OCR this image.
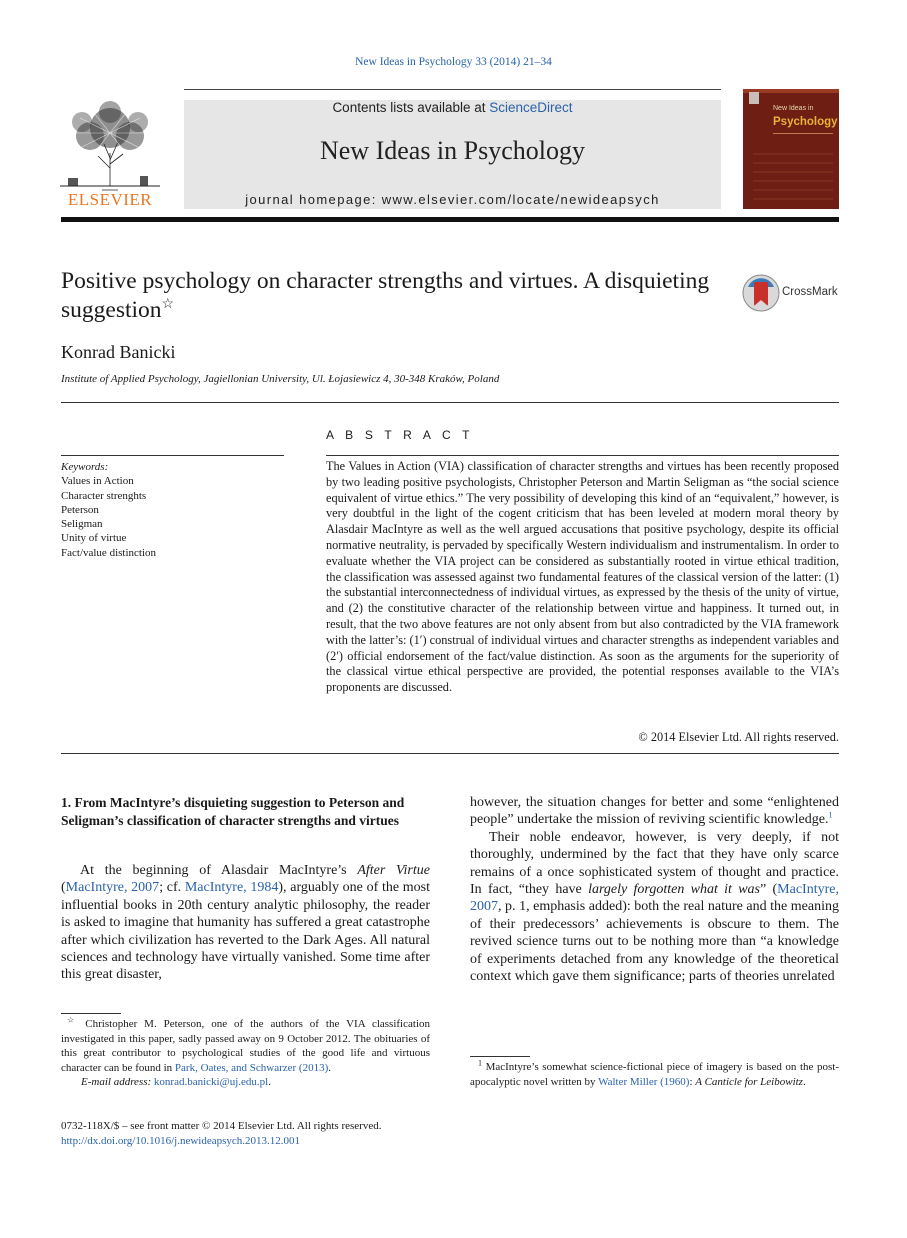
New Ideas in Psychology 33 (2014) 21–34
ELSEVIER
Contents lists available at ScienceDirect
New Ideas in Psychology
journal homepage: www.elsevier.com/locate/newideapsych
New Ideas in
Psychology
Positive psychology on character strengths and virtues. A disquieting suggestion☆
CrossMark
Konrad Banicki
Institute of Applied Psychology, Jagiellonian University, Ul. Łojasiewicz 4, 30-348 Kraków, Poland
Keywords:
Values in Action
Character strenghts
Peterson
Seligman
Unity of virtue
Fact/value distinction
A B S T R A C T
The Values in Action (VIA) classification of character strengths and virtues has been recently proposed by two leading positive psychologists, Christopher Peterson and Martin Seligman as “the social science equivalent of virtue ethics.” The very possibility of developing this kind of an “equivalent,” however, is very doubtful in the light of the cogent criticism that has been leveled at modern moral theory by Alasdair MacIntyre as well as the well argued accusations that positive psychology, despite its official normative neutrality, is pervaded by specifically Western individualism and instrumentalism. In order to evaluate whether the VIA project can be considered as substantially rooted in virtue ethical tradition, the classification was assessed against two fundamental features of the classical version of the latter: (1) the substantial interconnectedness of individual virtues, as expressed by the thesis of the unity of virtue, and (2) the constitutive character of the relationship between virtue and happiness. It turned out, in result, that the two above features are not only absent from but also contradicted by the VIA framework with the latter’s: (1′) construal of individual virtues and character strengths as independent variables and (2′) official endorsement of the fact/value distinction. As soon as the arguments for the superiority of the classical virtue ethical perspective are provided, the potential responses available to the VIA’s proponents are discussed.
© 2014 Elsevier Ltd. All rights reserved.
1. From MacIntyre’s disquieting suggestion to Peterson and Seligman’s classification of character strengths and virtues
At the beginning of Alasdair MacIntyre’s After Virtue (MacIntyre, 2007; cf. MacIntyre, 1984), arguably one of the most influential books in 20th century analytic philosophy, the reader is asked to imagine that humanity has suffered a great catastrophe after which civilization has reverted to the Dark Ages. All natural sciences and technology have virtually vanished. Some time after this great disaster,
however, the situation changes for better and some “enlightened people” undertake the mission of reviving scientific knowledge.$^1$
Their noble endeavor, however, is very deeply, if not thoroughly, undermined by the fact that they have only scarce remains of a once sophisticated system of thought and practice. In fact, “they have largely forgotten what it was” (MacIntyre, 2007, p. 1, emphasis added): both the real nature and the meaning of their predecessors’ achievements is obscure to them. The revived science turns out to be nothing more than “a knowledge of experiments detached from any knowledge of the theoretical context which gave them significance; parts of theories unrelated
☆ Christopher M. Peterson, one of the authors of the VIA classification investigated in this paper, sadly passed away on 9 October 2012. The obituaries of this great contributor to psychological studies of the good life and virtuous character can be found in Park, Oates, and Schwarzer (2013).
E-mail address: konrad.banicki@uj.edu.pl.
$^1$ MacIntyre’s somewhat science-fictional piece of imagery is based on the post-apocalyptic novel written by Walter Miller (1960): A Canticle for Leibowitz.
0732-118X/$ – see front matter © 2014 Elsevier Ltd. All rights reserved.
http://dx.doi.org/10.1016/j.newideapsych.2013.12.001
